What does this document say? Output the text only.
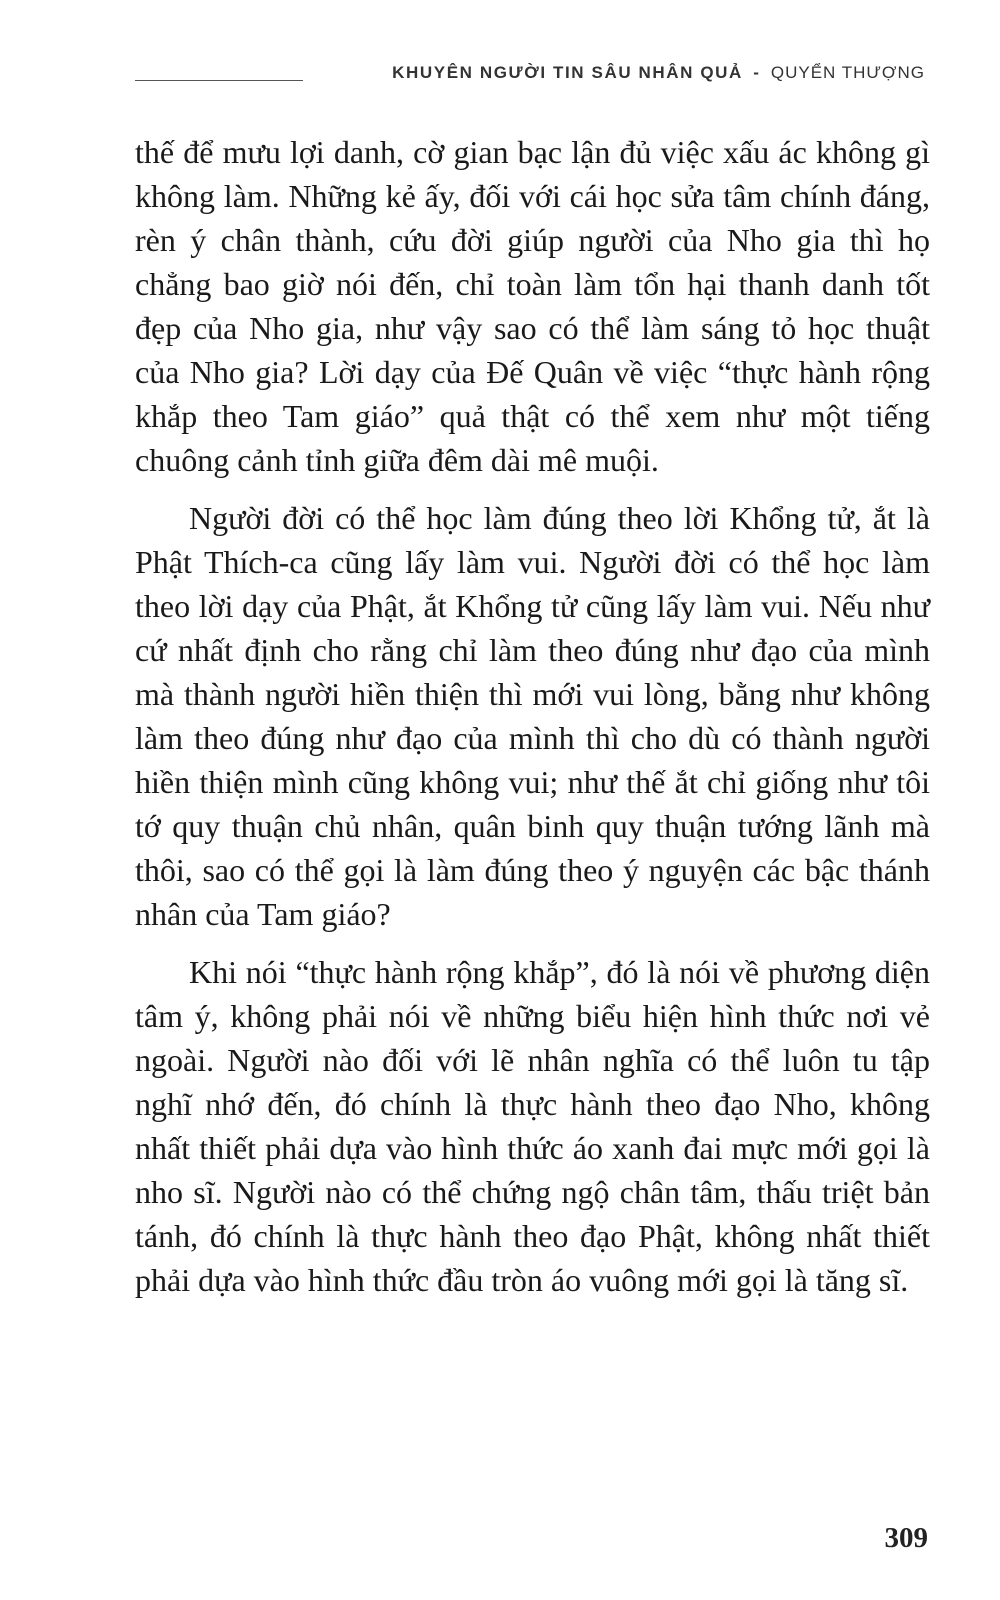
KHUYÊN NGƯỜI TIN SÂU NHÂN QUẢ - QUYỂN THƯỢNG

thế để mưu lợi danh, cờ gian bạc lận đủ việc xấu ác không gì không làm. Những kẻ ấy, đối với cái học sửa tâm chính đáng, rèn ý chân thành, cứu đời giúp người của Nho gia thì họ chẳng bao giờ nói đến, chỉ toàn làm tổn hại thanh danh tốt đẹp của Nho gia, như vậy sao có thể làm sáng tỏ học thuật của Nho gia? Lời dạy của Đế Quân về việc “thực hành rộng khắp theo Tam giáo” quả thật có thể xem như một tiếng chuông cảnh tỉnh giữa đêm dài mê muội.

Người đời có thể học làm đúng theo lời Khổng tử, ắt là Phật Thích-ca cũng lấy làm vui. Người đời có thể học làm theo lời dạy của Phật, ắt Khổng tử cũng lấy làm vui. Nếu như cứ nhất định cho rằng chỉ làm theo đúng như đạo của mình mà thành người hiền thiện thì mới vui lòng, bằng như không làm theo đúng như đạo của mình thì cho dù có thành người hiền thiện mình cũng không vui; như thế ắt chỉ giống như tôi tớ quy thuận chủ nhân, quân binh quy thuận tướng lãnh mà thôi, sao có thể gọi là làm đúng theo ý nguyện các bậc thánh nhân của Tam giáo?

Khi nói “thực hành rộng khắp”, đó là nói về phương diện tâm ý, không phải nói về những biểu hiện hình thức nơi vẻ ngoài. Người nào đối với lẽ nhân nghĩa có thể luôn tu tập nghĩ nhớ đến, đó chính là thực hành theo đạo Nho, không nhất thiết phải dựa vào hình thức áo xanh đai mực mới gọi là nho sĩ. Người nào có thể chứng ngộ chân tâm, thấu triệt bản tánh, đó chính là thực hành theo đạo Phật, không nhất thiết phải dựa vào hình thức đầu tròn áo vuông mới gọi là tăng sĩ.

309
